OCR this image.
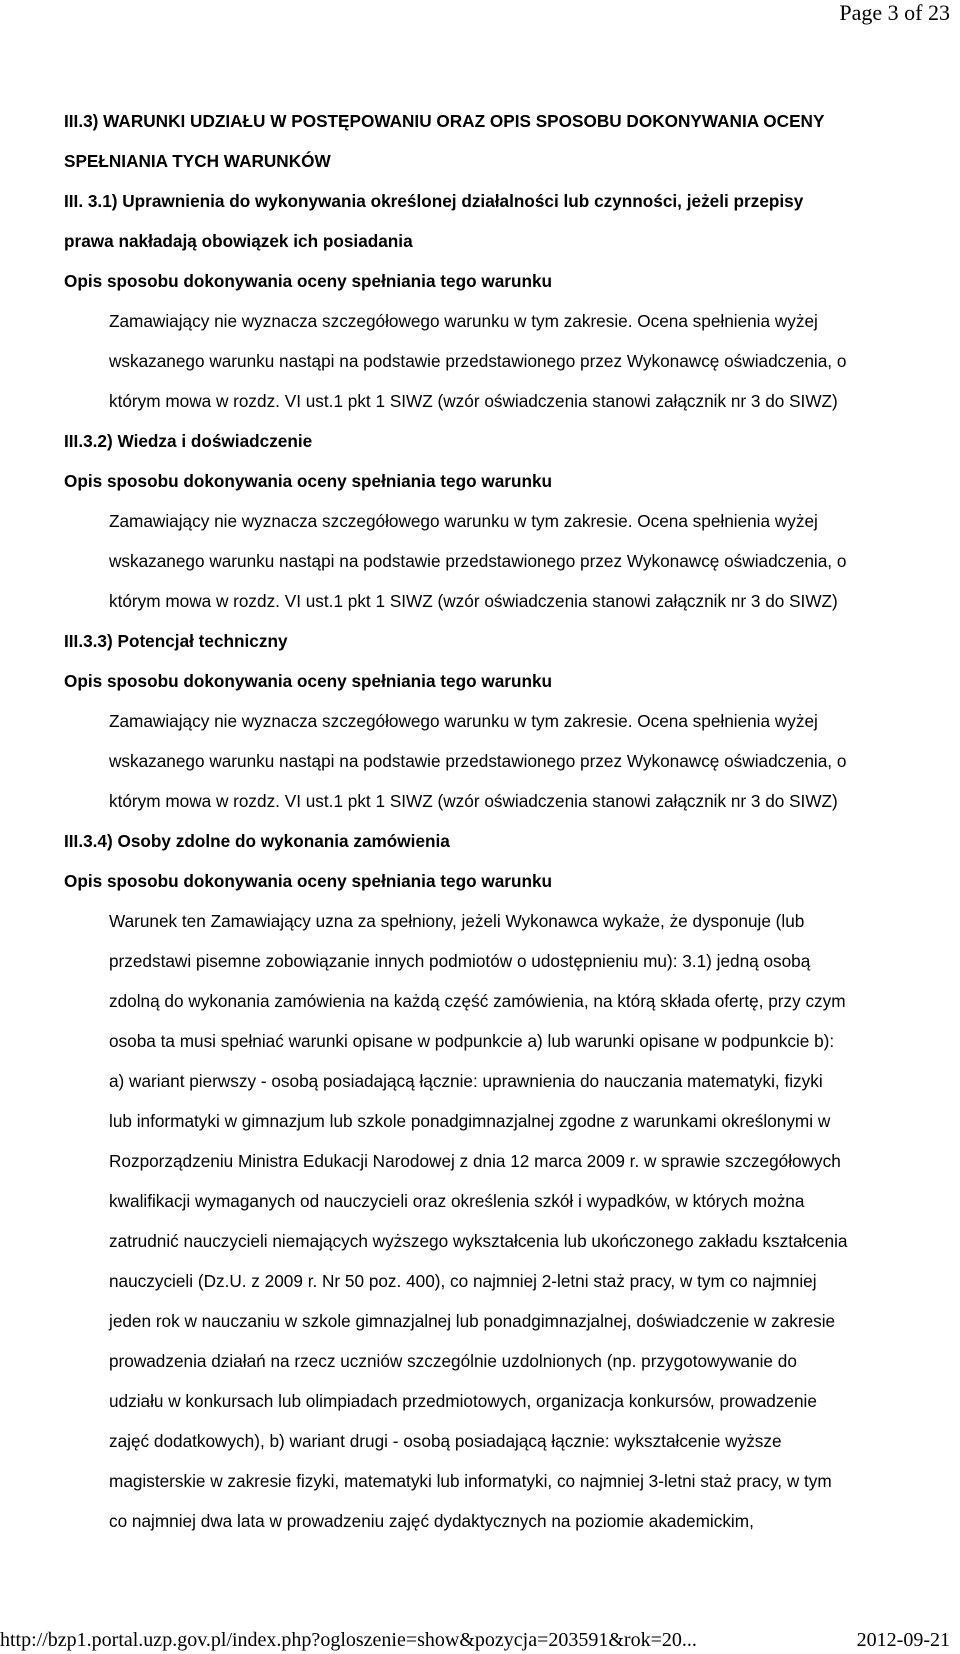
Page 3 of 23
III.3) WARUNKI UDZIAŁU W POSTĘPOWANIU ORAZ OPIS SPOSOBU DOKONYWANIA OCENY
SPEŁNIANIA TYCH WARUNKÓW
III. 3.1) Uprawnienia do wykonywania określonej działalności lub czynności, jeżeli przepisy
prawa nakładają obowiązek ich posiadania
Opis sposobu dokonywania oceny spełniania tego warunku
Zamawiający nie wyznacza szczegółowego warunku w tym zakresie. Ocena spełnienia wyżej
wskazanego warunku nastąpi na podstawie przedstawionego przez Wykonawcę oświadczenia, o
którym mowa w rozdz. VI ust.1 pkt 1 SIWZ (wzór oświadczenia stanowi załącznik nr 3 do SIWZ)
III.3.2) Wiedza i doświadczenie
Opis sposobu dokonywania oceny spełniania tego warunku
Zamawiający nie wyznacza szczegółowego warunku w tym zakresie. Ocena spełnienia wyżej
wskazanego warunku nastąpi na podstawie przedstawionego przez Wykonawcę oświadczenia, o
którym mowa w rozdz. VI ust.1 pkt 1 SIWZ (wzór oświadczenia stanowi załącznik nr 3 do SIWZ)
III.3.3) Potencjał techniczny
Opis sposobu dokonywania oceny spełniania tego warunku
Zamawiający nie wyznacza szczegółowego warunku w tym zakresie. Ocena spełnienia wyżej
wskazanego warunku nastąpi na podstawie przedstawionego przez Wykonawcę oświadczenia, o
którym mowa w rozdz. VI ust.1 pkt 1 SIWZ (wzór oświadczenia stanowi załącznik nr 3 do SIWZ)
III.3.4) Osoby zdolne do wykonania zamówienia
Opis sposobu dokonywania oceny spełniania tego warunku
Warunek ten Zamawiający uzna za spełniony, jeżeli Wykonawca wykaże, że dysponuje (lub
przedstawi pisemne zobowiązanie innych podmiotów o udostępnieniu mu): 3.1) jedną osobą
zdolną do wykonania zamówienia na każdą część zamówienia, na którą składa ofertę, przy czym
osoba ta musi spełniać warunki opisane w podpunkcie a) lub warunki opisane w podpunkcie b):
a) wariant pierwszy - osobą posiadającą łącznie: uprawnienia do nauczania matematyki, fizyki
lub informatyki w gimnazjum lub szkole ponadgimnazjalnej zgodne z warunkami określonymi w
Rozporządzeniu Ministra Edukacji Narodowej z dnia 12 marca 2009 r. w sprawie szczegółowych
kwalifikacji wymaganych od nauczycieli oraz określenia szkół i wypadków, w których można
zatrudnić nauczycieli niemających wyższego wykształcenia lub ukończonego zakładu kształcenia
nauczycieli (Dz.U. z 2009 r. Nr 50 poz. 400), co najmniej 2-letni staż pracy, w tym co najmniej
jeden rok w nauczaniu w szkole gimnazjalnej lub ponadgimnazjalnej, doświadczenie w zakresie
prowadzenia działań na rzecz uczniów szczególnie uzdolnionych (np. przygotowywanie do
udziału w konkursach lub olimpiadach przedmiotowych, organizacja konkursów, prowadzenie
zajęć dodatkowych), b) wariant drugi - osobą posiadającą łącznie: wykształcenie wyższe
magisterskie w zakresie fizyki, matematyki lub informatyki, co najmniej 3-letni staż pracy, w tym
co najmniej dwa lata w prowadzeniu zajęć dydaktycznych na poziomie akademickim,
http://bzp1.portal.uzp.gov.pl/index.php?ogloszenie=show&pozycja=203591&rok=20...	2012-09-21
